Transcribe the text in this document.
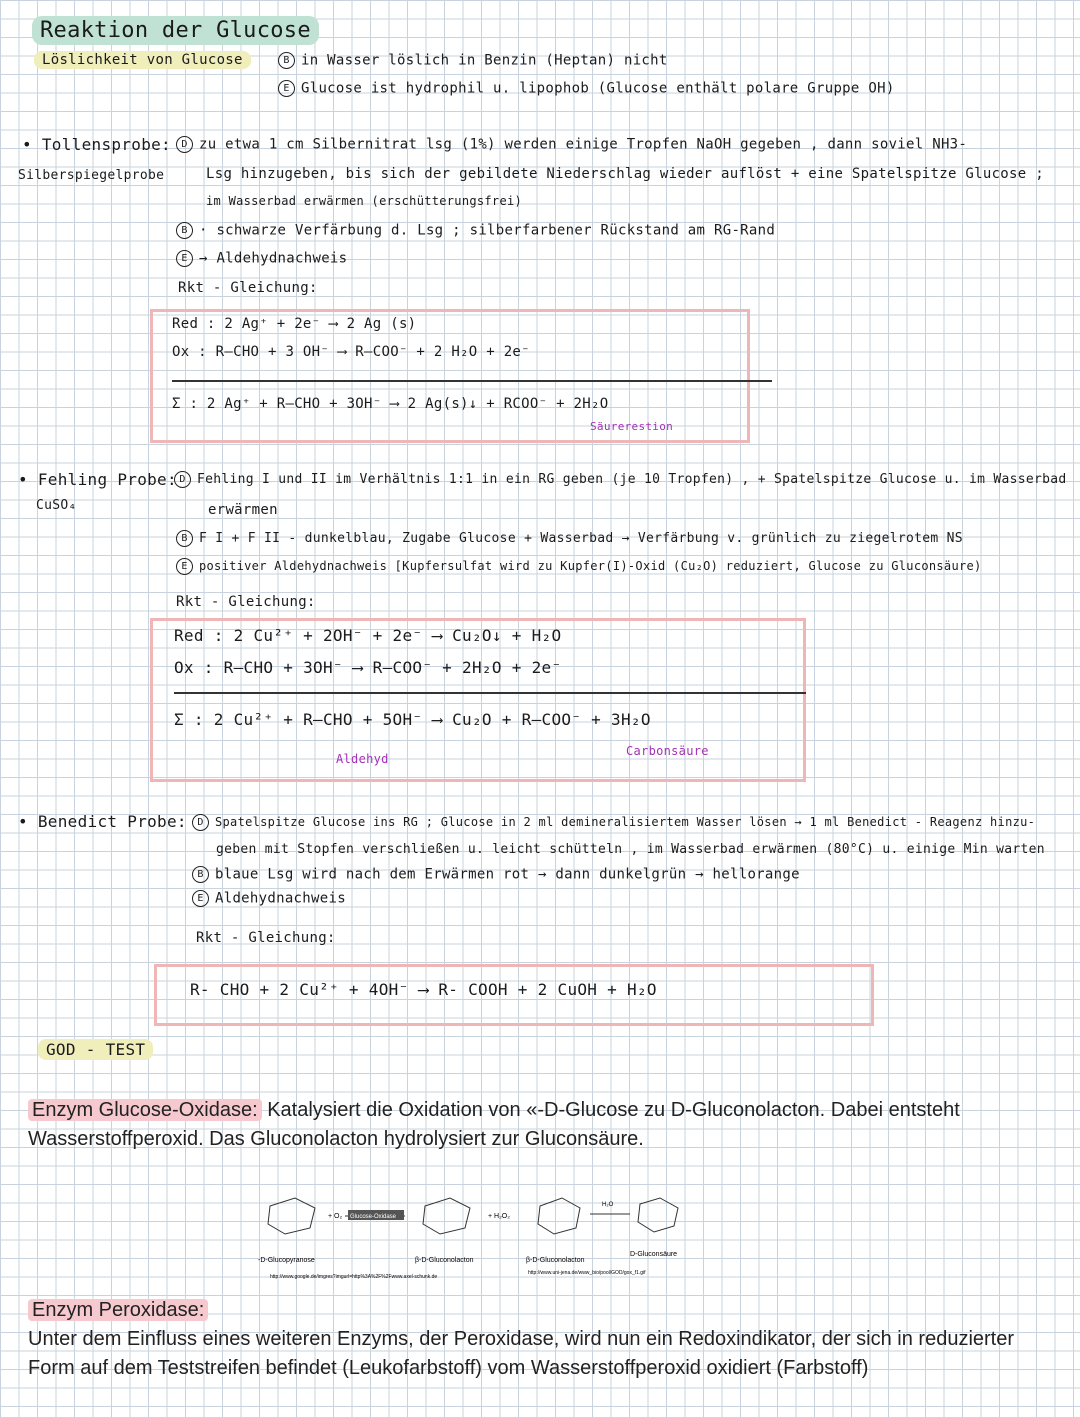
Reaktion der Glucose
Löslichkeit von Glucose	B in Wasser löslich in Benzin (Heptan) nicht
E Glucose ist hydrophil u. lipophob (Glucose enthält polare Gruppe OH)
• Tollensprobe:
Silberspiegelprobe
D zu etwa 1 cm Silbernitrat lsg (1%) werden einige Tropfen NaOH gegeben , dann soviel NH3-
Lsg hinzugeben, bis sich der gebildete Niederschlag wieder auflöst + eine Spatelspitze Glucose ;
im Wasserbad erwärmen (erschütterungsfrei)
B · schwarze Verfärbung d. Lsg ; silberfarbener Rückstand am RG-Rand
E → Aldehydnachweis
Rkt - Gleichung:
Red : 2 Ag⁺ + 2e⁻ ⟶ 2 Ag (s)
Ox : R–CHO + 3 OH⁻ ⟶ R–COO⁻ + 2 H₂O + 2e⁻
Σ : 2 Ag⁺ + R–CHO + 3OH⁻ ⟶ 2 Ag(s)↓ + RCOO⁻ + 2H₂O
Säurerestion
• Fehling Probe:
CuSO₄
D Fehling I und II im Verhältnis 1:1 in ein RG geben (je 10 Tropfen) , + Spatelspitze Glucose u. im Wasserbad
erwärmen
B F I + F II - dunkelblau, Zugabe Glucose + Wasserbad → Verfärbung v. grünlich zu ziegelrotem NS
E positiver Aldehydnachweis [Kupfersulfat wird zu Kupfer(I)-Oxid (Cu₂O) reduziert, Glucose zu Gluconsäure)
Rkt - Gleichung:
Red : 2 Cu²⁺ + 2OH⁻ + 2e⁻ ⟶ Cu₂O↓ + H₂O
Ox : R–CHO + 3OH⁻ ⟶ R–COO⁻ + 2H₂O + 2e⁻
Σ : 2 Cu²⁺ + R–CHO + 5OH⁻ ⟶ Cu₂O + R–COO⁻ + 3H₂O
Aldehyd
Carbonsäure
• Benedict Probe:	D Spatelspitze Glucose ins RG ; Glucose in 2 ml demineralisiertem Wasser lösen → 1 ml Benedict - Reagenz hinzu-
geben mit Stopfen verschließen u. leicht schütteln , im Wasserbad erwärmen (80°C) u. einige Min warten
B blaue Lsg wird nach dem Erwärmen rot → dann dunkelgrün → hellorange
E Aldehydnachweis
Rkt - Gleichung:
R- CHO + 2 Cu²⁺ + 4OH⁻ ⟶ R- COOH + 2 CuOH + H₂O
GOD - TEST
Enzym Glucose-Oxidase: Katalysiert die Oxidation von «-D-Glucose zu D-Gluconolacton. Dabei entsteht Wasserstoffperoxid. Das Gluconolacton hydrolysiert zur Gluconsäure.
Glucose-Oxidase
+ O₂	+ H₂O₂
H₂O
-D-Glucopyranose	β-D-Gluconolacton	β-D-Gluconolacton
D-Gluconsäure
http://www.google.de/imgres?imgurl=http%3A%2F%2Fwww.axel-schunk.de
http://www.uni-jena.de/www_bio/pool/GOD/gox_f1.gif
Enzym Peroxidase:
Unter dem Einfluss eines weiteren Enzyms, der Peroxidase, wird nun ein Redoxindikator, der sich in reduzierter Form auf dem Teststreifen befindet (Leukofarbstoff) vom Wasserstoffperoxid oxidiert (Farbstoff)
